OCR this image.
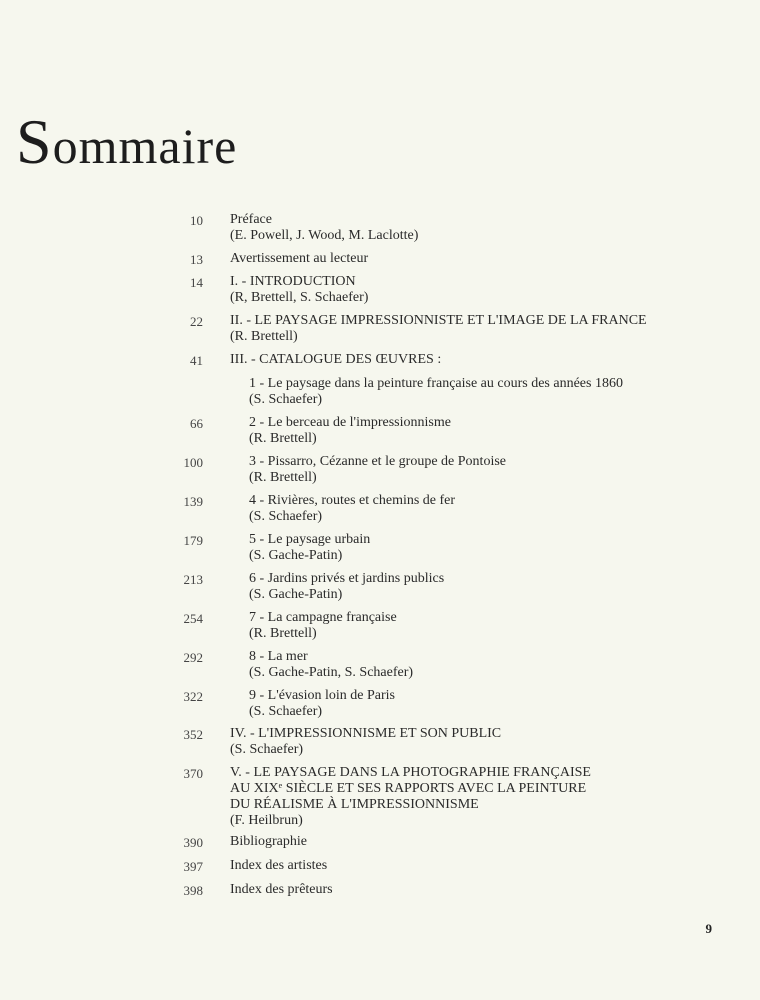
Sommaire
10 Préface
(E. Powell, J. Wood, M. Laclotte)
13 Avertissement au lecteur
14 I. - INTRODUCTION
(R, Brettell, S. Schaefer)
22 II. - LE PAYSAGE IMPRESSIONNISTE ET L'IMAGE DE LA FRANCE
(R. Brettell)
41 III. - CATALOGUE DES ŒUVRES :
1 - Le paysage dans la peinture française au cours des années 1860
(S. Schaefer)
66	2 - Le berceau de l'impressionnisme
(R. Brettell)
100	3 - Pissarro, Cézanne et le groupe de Pontoise
(R. Brettell)
139	4 - Rivières, routes et chemins de fer
(S. Schaefer)
179	5 - Le paysage urbain
(S. Gache-Patin)
213	6 - Jardins privés et jardins publics
(S. Gache-Patin)
254	7 - La campagne française
(R. Brettell)
292	8 - La mer
(S. Gache-Patin, S. Schaefer)
322	9 - L'évasion loin de Paris
(S. Schaefer)
352 IV. - L'IMPRESSIONNISME ET SON PUBLIC
(S. Schaefer)
370 V. - LE PAYSAGE DANS LA PHOTOGRAPHIE FRANÇAISE
AU XIXᵉ SIÈCLE ET SES RAPPORTS AVEC LA PEINTURE
DU RÉALISME À L'IMPRESSIONNISME
(F. Heilbrun)
390 Bibliographie
397 Index des artistes
398 Index des prêteurs
9
